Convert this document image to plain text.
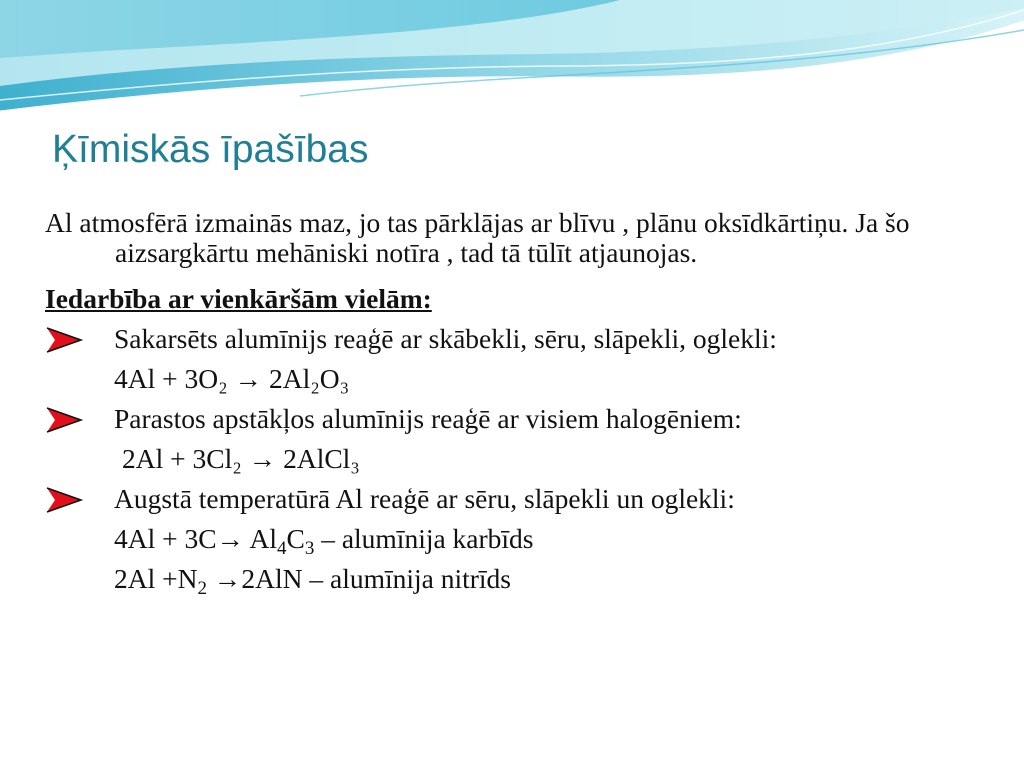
Ķīmiskās īpašības

Al atmosfērā izmainās maz, jo tas pārklājas ar blīvu , plānu oksīdkārtiņu. Ja šo aizsargkārtu mehāniski notīra , tad tā tūlīt atjaunojas.

Iedarbība ar vienkāršām vielām:
Sakarsēts alumīnijs reaģē ar skābekli, sēru, slāpekli, oglekli:
4Al + 3O₂ → 2Al₂O₃
Parastos apstākļos alumīnijs reaģē ar visiem halogēniem:
2Al + 3Cl₂ → 2AlCl₃
Augstā temperatūrā Al reaģē ar sēru, slāpekli un oglekli:
$4Al + 3C\to Al_4C_3$ – alumīnija karbīds
$2Al +N_2 \to 2AlN$ – alumīnija nitrīds
